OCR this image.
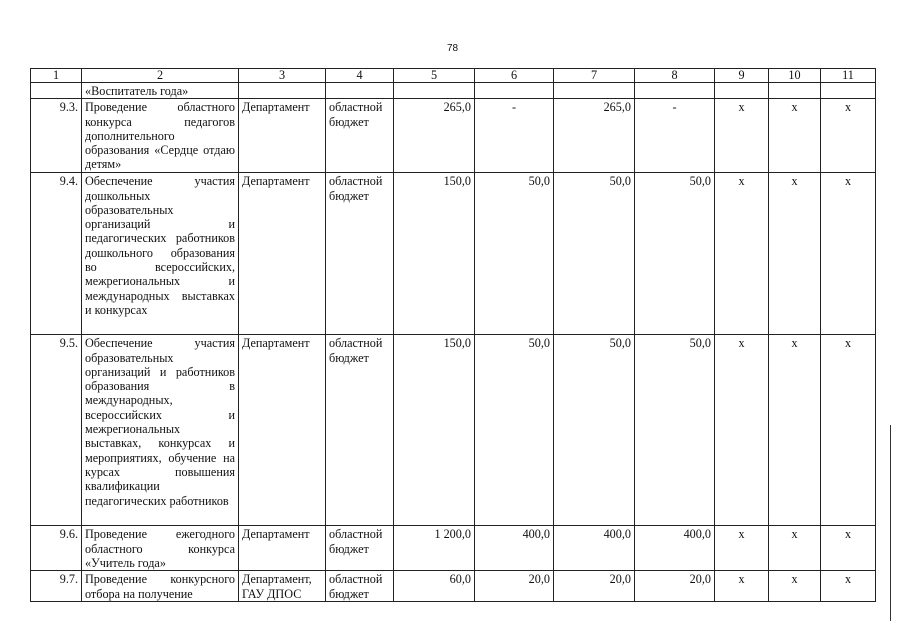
78
1	2	3	4	5	6	7	8	9	10	11
	«Воспитатель года»									
9.3.	Проведение областного конкурса педагогов дополнительного образования «Сердце отдаю детям»	Департамент	областной бюджет	265,0	-	265,0	-	x	x	x
9.4.	Обеспечение участия дошкольных образовательных организаций и педагогических работников дошкольного образования во всероссийских, межрегиональных и международных выставках и конкурсах	Департамент	областной бюджет	150,0	50,0	50,0	50,0	x	x	x
9.5.	Обеспечение участия образовательных организаций и работников образования в международных, всероссийских и межрегиональных выставках, конкурсах и мероприятиях, обучение на курсах повышения квалификации педагогических работников	Департамент	областной бюджет	150,0	50,0	50,0	50,0	x	x	x
9.6.	Проведение ежегодного областного конкурса «Учитель года»	Департамент	областной бюджет	1 200,0	400,0	400,0	400,0	x	x	x
9.7.	Проведение конкурсного отбора на получение	Департамент, ГАУ ДПОС	областной бюджет	60,0	20,0	20,0	20,0	x	x	x
